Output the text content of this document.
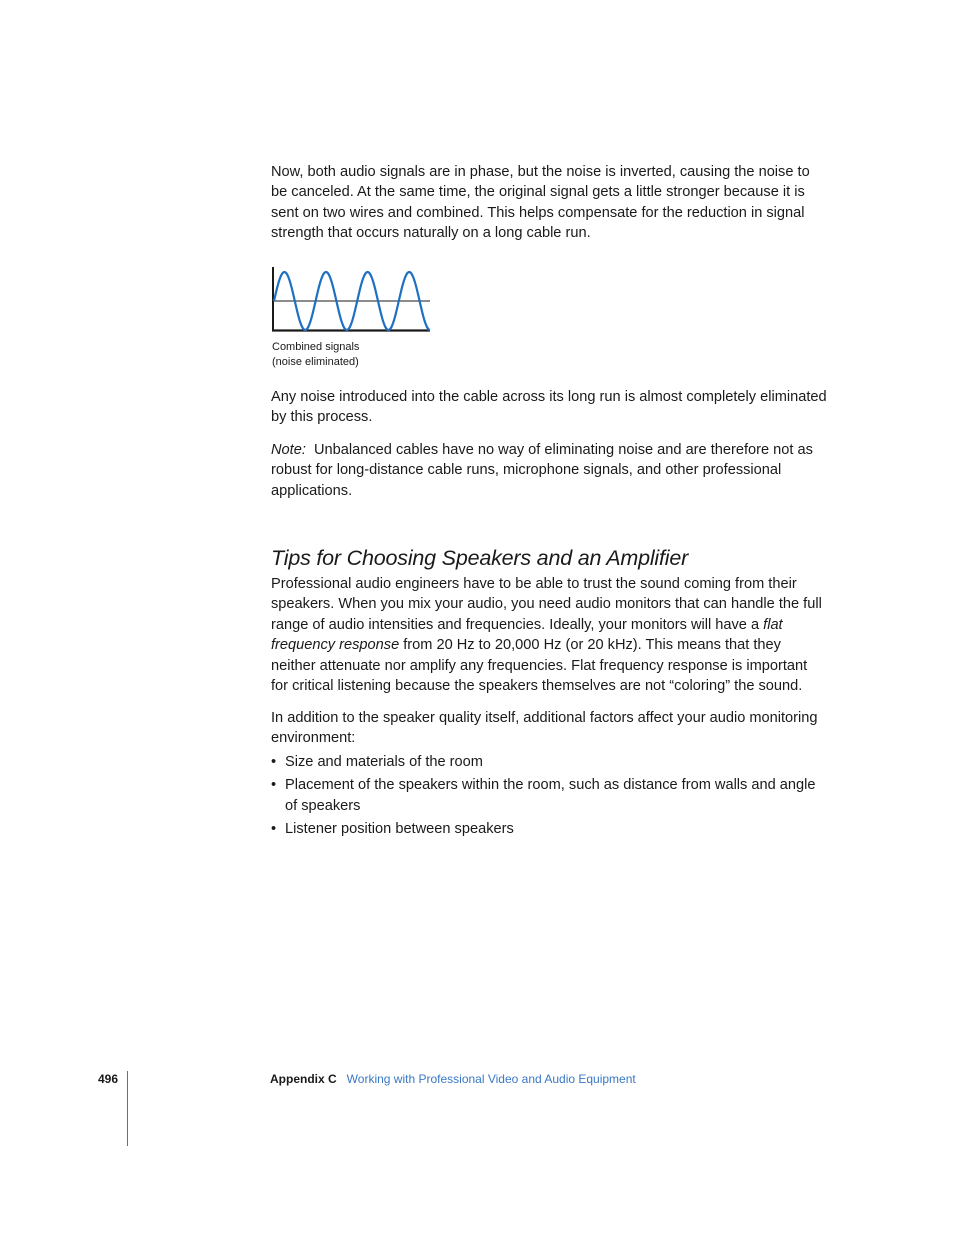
Now, both audio signals are in phase, but the noise is inverted, causing the noise to be canceled. At the same time, the original signal gets a little stronger because it is sent on two wires and combined. This helps compensate for the reduction in signal strength that occurs naturally on a long cable run.

Combined signals
(noise eliminated)

Any noise introduced into the cable across its long run is almost completely eliminated by this process.

Note: Unbalanced cables have no way of eliminating noise and are therefore not as robust for long-distance cable runs, microphone signals, and other professional applications.

Tips for Choosing Speakers and an Amplifier

Professional audio engineers have to be able to trust the sound coming from their speakers. When you mix your audio, you need audio monitors that can handle the full range of audio intensities and frequencies. Ideally, your monitors will have a flat frequency response from 20 Hz to 20,000 Hz (or 20 kHz). This means that they neither attenuate nor amplify any frequencies. Flat frequency response is important for critical listening because the speakers themselves are not “coloring” the sound.

In addition to the speaker quality itself, additional factors affect your audio monitoring environment:

• Size and materials of the room
• Placement of the speakers within the room, such as distance from walls and angle of speakers
• Listener position between speakers
496	Appendix C Working with Professional Video and Audio Equipment
